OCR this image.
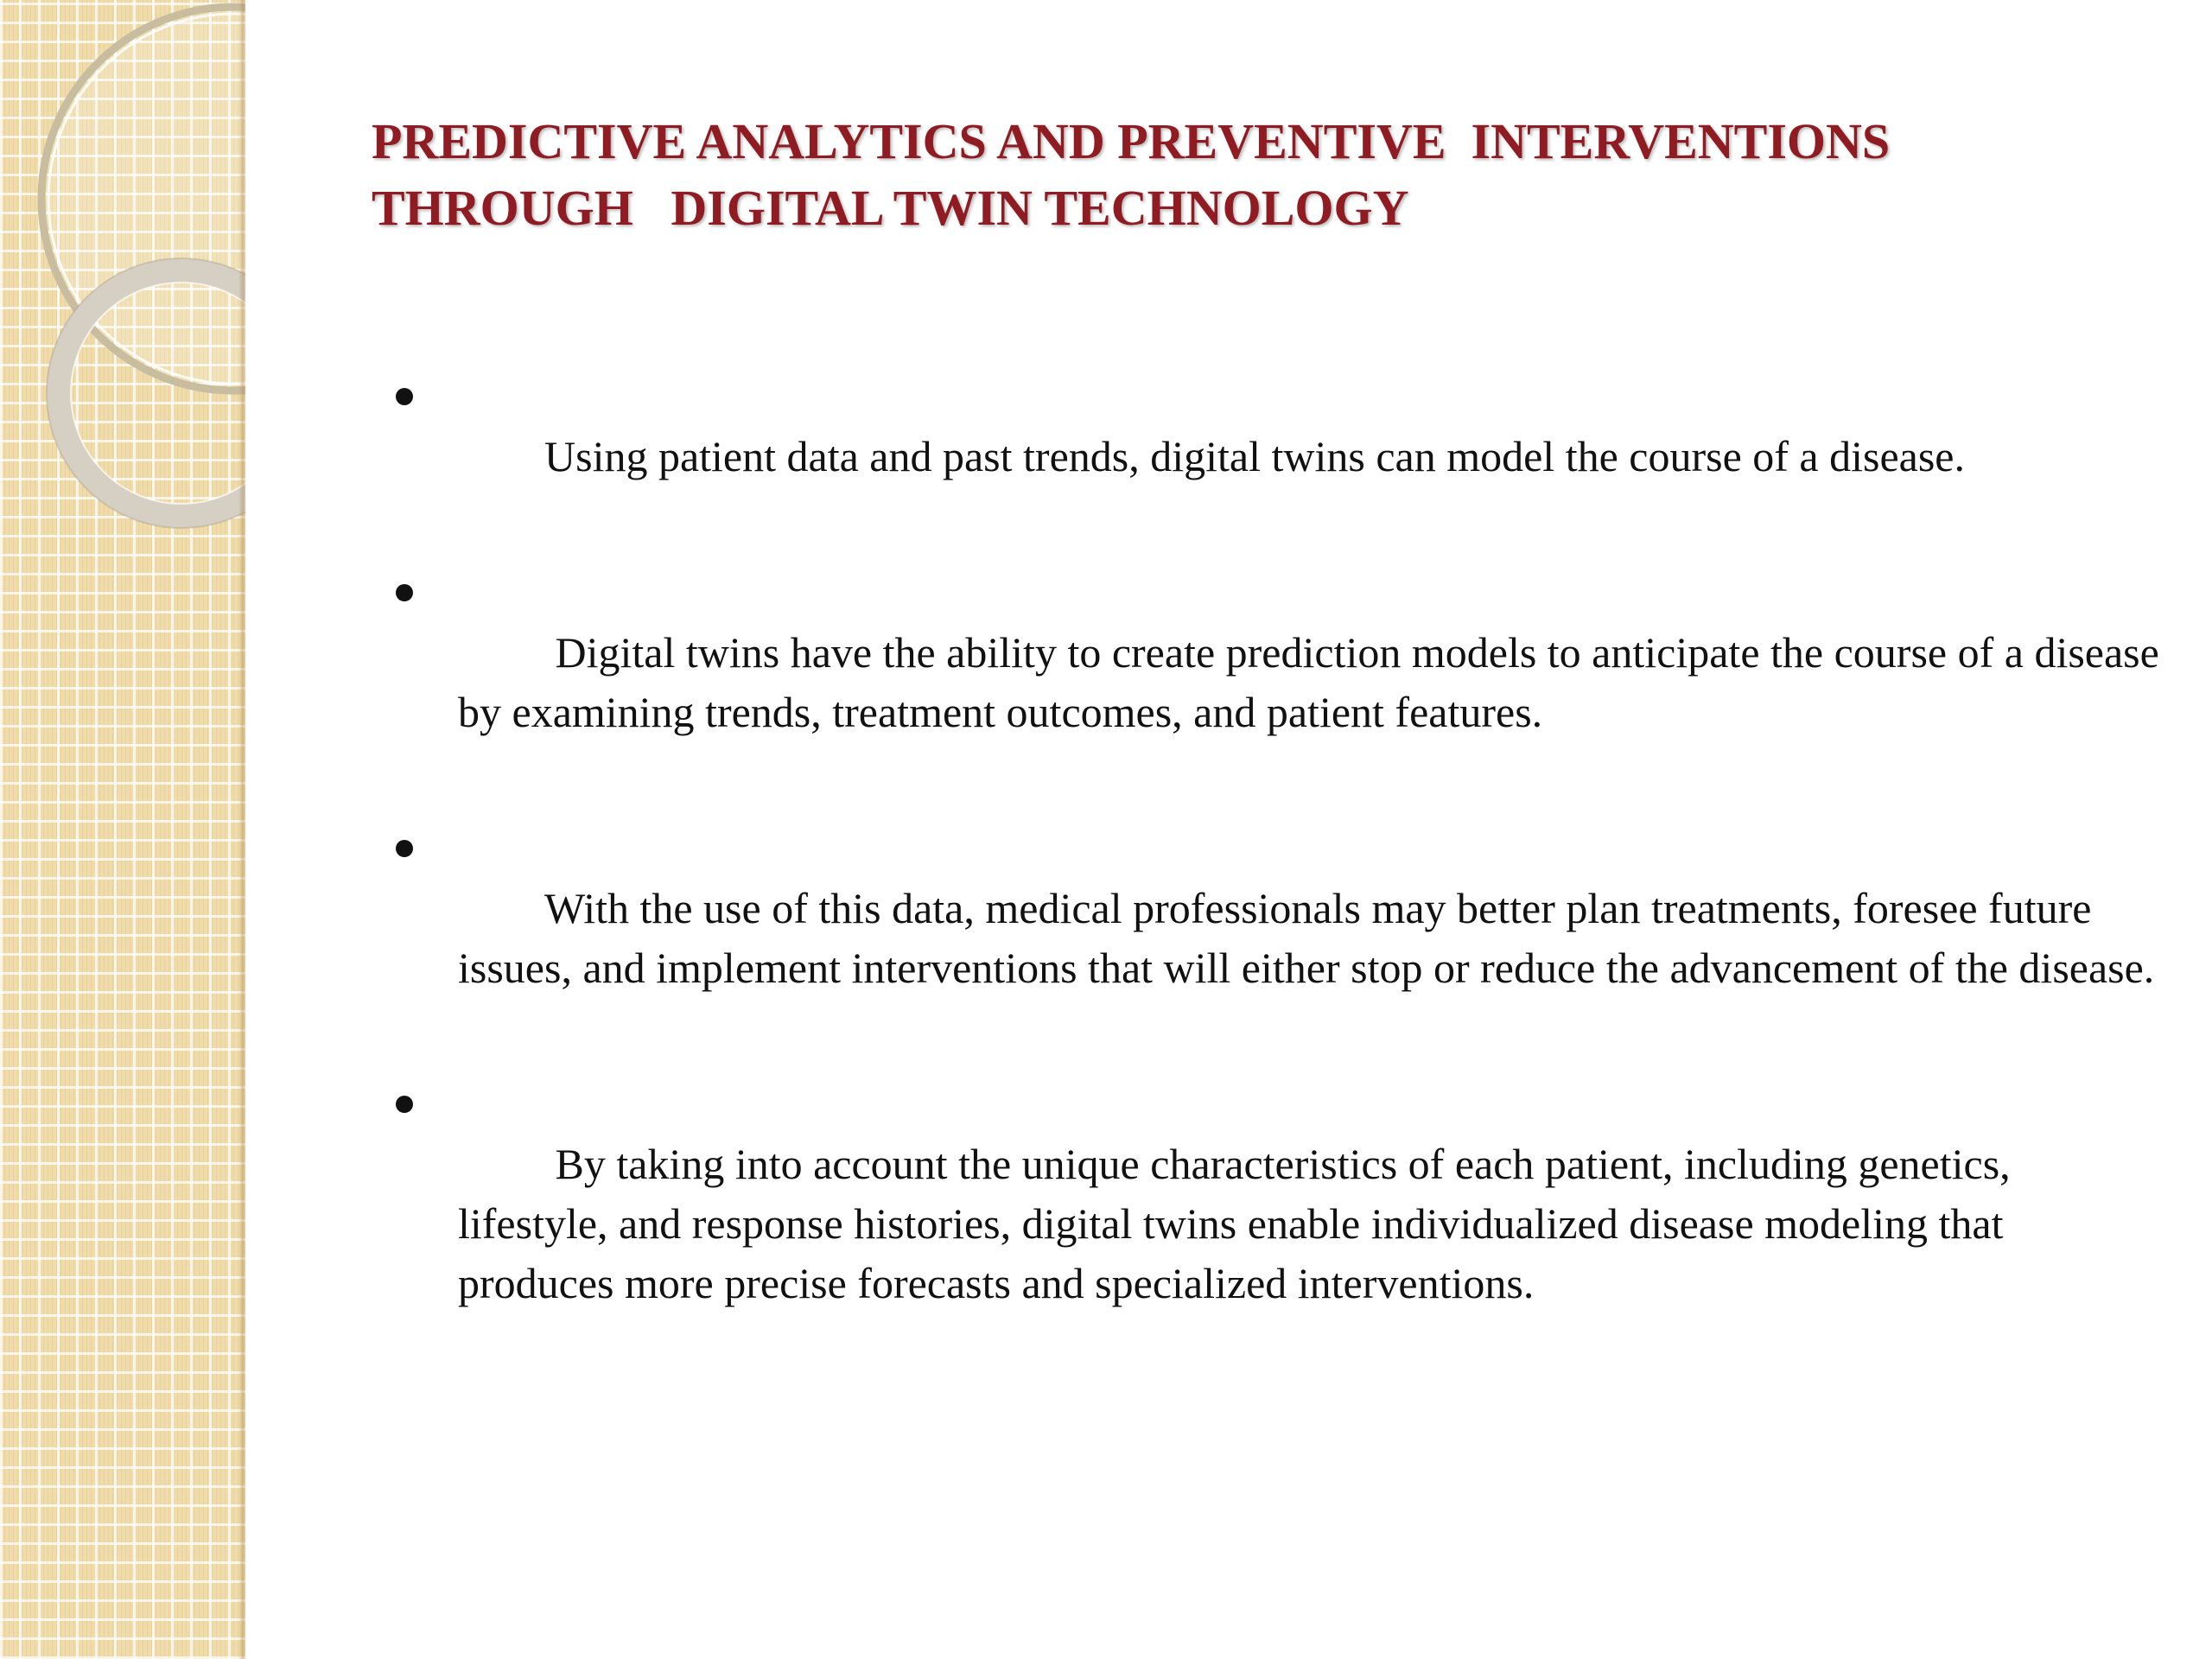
PREDICTIVE ANALYTICS AND PREVENTIVE  INTERVENTIONS
THROUGH   DIGITAL TWIN TECHNOLOGY

Using patient data and past trends, digital twins can model the course of a disease.

Digital twins have the ability to create prediction models to anticipate the course of a disease by examining trends, treatment outcomes, and patient features.

With the use of this data, medical professionals may better plan treatments, foresee future issues, and implement interventions that will either stop or reduce the advancement of the disease.

By taking into account the unique characteristics of each patient, including genetics, lifestyle, and response histories, digital twins enable individualized disease modeling that produces more precise forecasts and specialized interventions.
